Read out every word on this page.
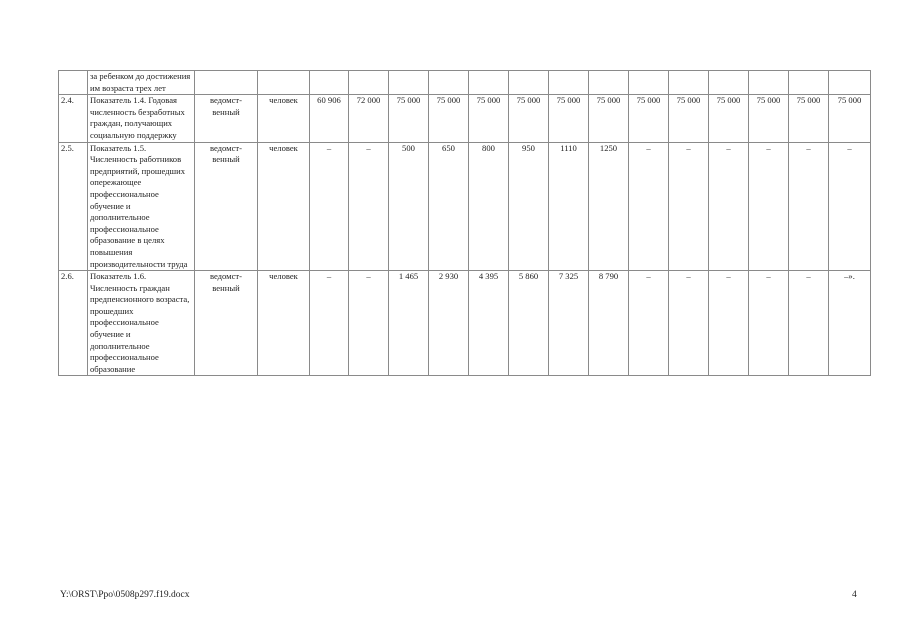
	за ребенком до достижения им возраста трех лет																
2.4.	Показатель 1.4. Годовая численность безработных граждан, получающих социальную поддержку	ведомст-венный	человек	60 906	72 000	75 000	75 000	75 000	75 000	75 000	75 000	75 000	75 000	75 000	75 000	75 000	75 000
2.5.	Показатель 1.5. Численность работников предприятий, прошедших опережающее профессиональное обучение и дополнительное профессиональное образование в целях повышения производительности труда	ведомст-венный	человек	–	–	500	650	800	950	1110	1250	–	–	–	–	–	–
2.6.	Показатель 1.6. Численность граждан предпенсионного возраста, прошедших профессиональное обучение и дополнительное профессиональное образование	ведомст-венный	человек	–	–	1 465	2 930	4 395	5 860	7 325	8 790	–	–	–	–	–	–».
Y:\ORST\Ppo\0508p297.f19.docx	4
